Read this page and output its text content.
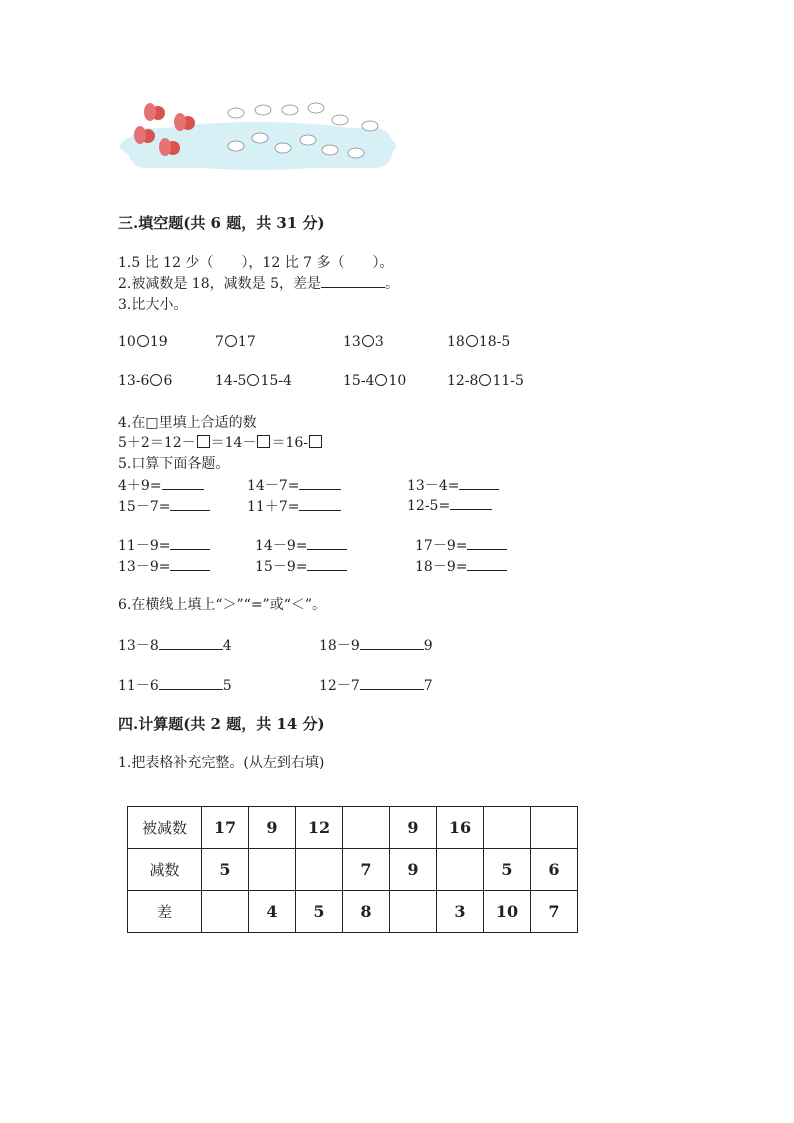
三.填空题(共 6 题，共 31 分)
1.5 比 12 少（ ），12 比 7 多（ ）。
2.被减数是 18，减数是 5，差是	。
3.比大小。
10 19	7 17	13 3	18 18-5
13-6 6	14-5 15-4	15-4 10	12-8 11-5
4.在□里填上合适的数
5＋2＝12－ ＝14－ ＝16-
5.口算下面各题。
4＋9=	14－7=	13－4=
15－7=	11＋7=	12-5=
11－9=	14－9=	17－9=
13－9=	15－9=	18－9=
6.在横线上填上“＞”“=”或“＜”。
13－8	4	18－9	9
11－6	5	12－7	7
四.计算题(共 2 题，共 14 分)
1.把表格补充完整。(从左到右填)
被减数	17	9	12		9	16		
减数	5			7	9		5	6
差		4	5	8		3	10	7
